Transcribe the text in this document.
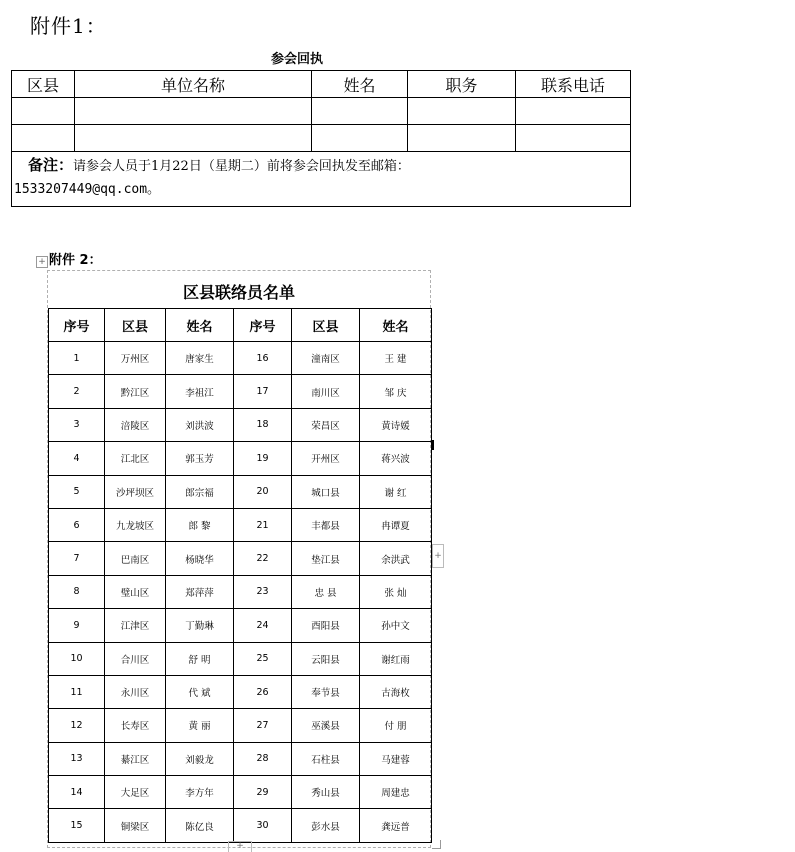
附件1：
参会回执
区县	单位名称	姓名	职务	联系电话

备注：请参会人员于1月22日（星期二）前将参会回执发至邮箱：
1533207449@qq.com。				
+ 附件 2：
区县联络员名单
序号	区县	姓名	序号	区县	姓名
1	万州区	唐家生	16	潼南区	王 建
2	黔江区	李祖江	17	南川区	邹 庆
3	涪陵区	刘洪波	18	荣昌区	黄诗媛
4	江北区	郭玉芳	19	开州区	蒋兴波
5	沙坪坝区	郎宗福	20	城口县	谢 红
6	九龙坡区	郎 黎	21	丰都县	冉谭夏
7	巴南区	杨晓华	22	垫江县	余洪武
8	璧山区	郑萍萍	23	忠 县	张 灿
9	江津区	丁勤琳	24	酉阳县	孙中文
10	合川区	舒 明	25	云阳县	谢红雨
11	永川区	代 斌	26	奉节县	古海枚
12	长寿区	黄 丽	27	巫溪县	付 朋
13	綦江区	刘毅龙	28	石柱县	马建蓉
14	大足区	李方年	29	秀山县	周建忠
15	铜梁区	陈亿良	30	彭水县	龚远普
+
+
